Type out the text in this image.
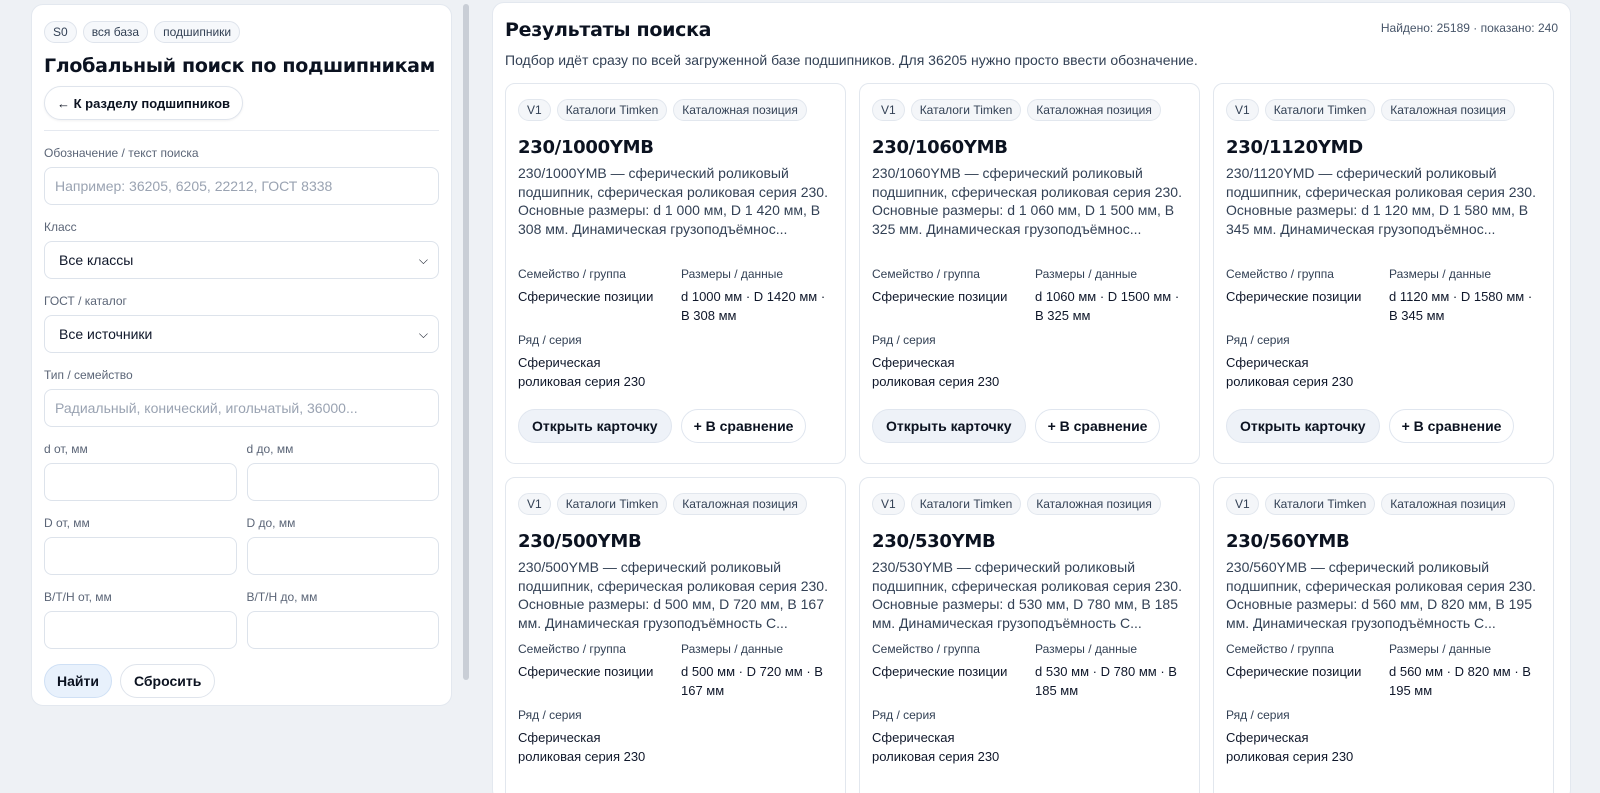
S0	вся база	подшипники
Глобальный поиск по подшипникам
← К разделу подшипников
Обозначение / текст поиска
Например: 36205, 6205, 22212, ГОСТ 8338
Класс
Все классы	⌵
ГОСТ / каталог
Все источники	⌵
Тип / семейство
Радиальный, конический, игольчатый, 36000...
d от, мм	d до, мм
D от, мм	D до, мм
B/T/H от, мм	B/T/H до, мм
Найти	Сбросить
Результаты поиска	Найдено: 25189 · показано: 240
Подбор идёт сразу по всей загруженной базе подшипников. Для 36205 нужно просто ввести обозначение.
V1	Каталоги Timken	Каталожная позиция
230/1000YMB
230/1000YMB — сферический роликовый подшипник, сферическая роликовая серия 230. Основные размеры: d 1 000 мм, D 1 420 мм, B 308 мм. Динамическая грузоподъёмнос...
Семейство / группа
Сферические позиции
Размеры / данные
d 1000 мм · D 1420 мм · B 308 мм
Ряд / серия
Сферическая роликовая серия 230
Открыть карточку	+ В сравнение
V1	Каталоги Timken	Каталожная позиция
230/1060YMB
230/1060YMB — сферический роликовый подшипник, сферическая роликовая серия 230. Основные размеры: d 1 060 мм, D 1 500 мм, B 325 мм. Динамическая грузоподъёмнос...
Семейство / группа
Сферические позиции
Размеры / данные
d 1060 мм · D 1500 мм · B 325 мм
Ряд / серия
Сферическая роликовая серия 230
Открыть карточку	+ В сравнение
V1	Каталоги Timken	Каталожная позиция
230/1120YMD
230/1120YMD — сферический роликовый подшипник, сферическая роликовая серия 230. Основные размеры: d 1 120 мм, D 1 580 мм, B 345 мм. Динамическая грузоподъёмнос...
Семейство / группа
Сферические позиции
Размеры / данные
d 1120 мм · D 1580 мм · B 345 мм
Ряд / серия
Сферическая роликовая серия 230
Открыть карточку	+ В сравнение
V1	Каталоги Timken	Каталожная позиция
230/500YMB
230/500YMB — сферический роликовый подшипник, сферическая роликовая серия 230. Основные размеры: d 500 мм, D 720 мм, B 167 мм. Динамическая грузоподъёмность C...
Семейство / группа
Сферические позиции
Размеры / данные
d 500 мм · D 720 мм · B 167 мм
Ряд / серия
Сферическая роликовая серия 230
V1	Каталоги Timken	Каталожная позиция
230/530YMB
230/530YMB — сферический роликовый подшипник, сферическая роликовая серия 230. Основные размеры: d 530 мм, D 780 мм, B 185 мм. Динамическая грузоподъёмность C...
Семейство / группа
Сферические позиции
Размеры / данные
d 530 мм · D 780 мм · B 185 мм
Ряд / серия
Сферическая роликовая серия 230
V1	Каталоги Timken	Каталожная позиция
230/560YMB
230/560YMB — сферический роликовый подшипник, сферическая роликовая серия 230. Основные размеры: d 560 мм, D 820 мм, B 195 мм. Динамическая грузоподъёмность C...
Семейство / группа
Сферические позиции
Размеры / данные
d 560 мм · D 820 мм · B 195 мм
Ряд / серия
Сферическая роликовая серия 230
